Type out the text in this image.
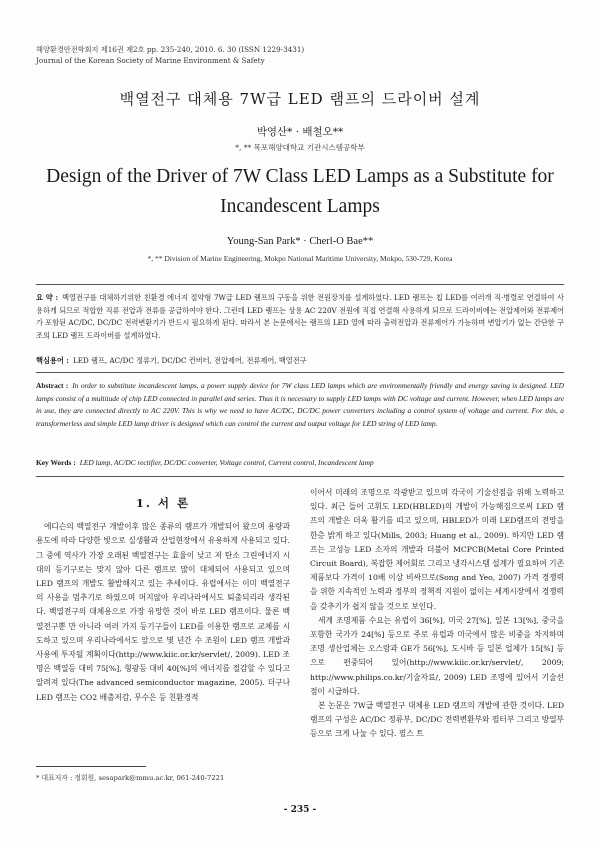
해양환경안전학회지 제16권 제2호 pp. 235-240, 2010. 6. 30 (ISSN 1229-3431)
Journal of the Korean Society of Marine Environment & Safety
백열전구 대체용 7W급 LED 램프의 드라이버 설계
박영산* · 배철오**
*, ** 목포해양대학교 기관시스템공학부
Design of the Driver of 7W Class LED Lamps as a Substitute for Incandescent Lamps
Young-San Park* · Cherl-O Bae**
*, ** Division of Marine Engineering, Mokpo National Maritime University, Mokpo, 530-729, Korea
요 약 : 백열전구를 대체하기위한 친환경 에너지 절약형 7W급 LED 램프의 구동을 위한 전원장치를 설계하였다. LED 램프는 칩 LED를 여러개 직·병렬로 연결하여 사용하게 되므로 적합한 직류 전압과 전류를 공급하여야 한다. 그런데 LED 램프는 상용 AC 220V 전원에 직접 연결해 사용하게 되므로 드라이버에는 전압제어와 전류제어가 포함된 AC/DC, DC/DC 전력변환기가 반드시 필요하게 된다. 따라서 본 논문에서는 램프의 LED 열에 따라 출력전압과 전류제어가 가능하며 변압기가 없는 간단한 구조의 LED 램프 드라이버를 설계하였다.
핵심용어 : LED 램프, AC/DC 정류기, DC/DC 컨버터, 전압제어, 전류제어, 백열전구
Abstract : In order to substitute incandescent lamps, a power supply device for 7W class LED lamps which are environmentally friendly and energy saving is designed. LED lamps consist of a multitude of chip LED connected in parallel and series. Thus it is necessary to supply LED lamps with DC voltage and current. However, when LED lamps are in use, they are connected directly to AC 220V. This is why we need to have AC/DC, DC/DC power converters including a control system of voltage and current. For this, a transformerless and simple LED lamp driver is designed which can control the current and output voltage for LED string of LED lamp.
Key Words : LED lamp, AC/DC rectifier, DC/DC converter, Voltage control, Current control, Incandescent lamp
1. 서 론

에디슨의 백열전구 개발이후 많은 종류의 램프가 개발되어 왔으며 용량과 용도에 따라 다양한 빛으로 실생활과 산업현장에서 유용하게 사용되고 있다. 그 중에 역사가 가장 오래된 백열전구는 효율이 낮고 저 탄소 그린에너지 시대의 등기구로는 맞지 않아 다른 램프로 많이 대체되어 사용되고 있으며 LED 램프의 개발도 활발해지고 있는 추세이다. 유럽에서는 이미 백열전구의 사용을 멈추기로 하였으며 머지않아 우리나라에서도 퇴출되리라 생각된다. 백열전구의 대체용으로 가장 유망한 것이 바로 LED 램프이다. 물론 백열전구뿐 만 아니라 여러 가지 등기구들이 LED를 이용한 램프로 교체를 시도하고 있으며 우리나라에서도 앞으로 몇 년간 수 조원이 LED 램프 개발과 사용에 투자될 계획이다(http://www.kiic.or.kr/servlet/, 2009). LED 조명은 백열등 대비 75[%], 형광등 대비 40[%]의 에너지를 절감할 수 있다고 알려져 있다(The advanced semiconductor magazine, 2005). 더구나 LED 램프는 CO2 배출저감, 무수은 등 친환경적

이어서 미래의 조명으로 각광받고 있으며 각국이 기술선점을 위해 노력하고 있다. 최근 들어 고휘도 LED(HBLED)의 개발이 가능해짐으로써 LED 램프의 개발은 더욱 활기를 띠고 있으며, HBLED가 미래 LED램프의 전망을 한층 밝게 하고 있다(Mills, 2003; Huang et al., 2009). 하지만 LED 램프는 고성능 LED 소자의 개발과 더불어 MCPCB(Metal Core Printed Circuit Board), 복잡한 제어회로 그리고 냉각시스템 설계가 필요하여 기존 제품보다 가격이 10배 이상 비싸므로(Song and Yeo, 2007) 가격 경쟁력을 위한 지속적인 노력과 정부의 정책적 지원이 없이는 세계시장에서 경쟁력을 갖추기가 쉽지 않을 것으로 보인다.

세계 조명제품 수요는 유럽이 36[%], 미국 27[%], 일본 13[%], 중국을 포함한 국가가 24[%] 등으로 주로 유럽과 미국에서 많은 비중을 차지하며 조명 생산업체는 오스람과 GE가 56[%], 도시바 등 일본 업체가 15[%] 등으로 편중되어 있어(http://www.kiic.or.kr/servlet/, 2009; http://www.philips.co.kr/기술자료/, 2009) LED 조명에 있어서 기술선점이 시급하다.

본 논문은 7W급 백열전구 대체용 LED 램프의 개발에 관한 것이다. LED 램프의 구성은 AC/DC 정류부, DC/DC 전력변환부와 필터부 그리고 방열부 등으로 크게 나눌 수 있다. 필스 트

* 대표저자 : 정회원, sesapark@mmu.ac.kr, 061-240-7221
- 235 -
